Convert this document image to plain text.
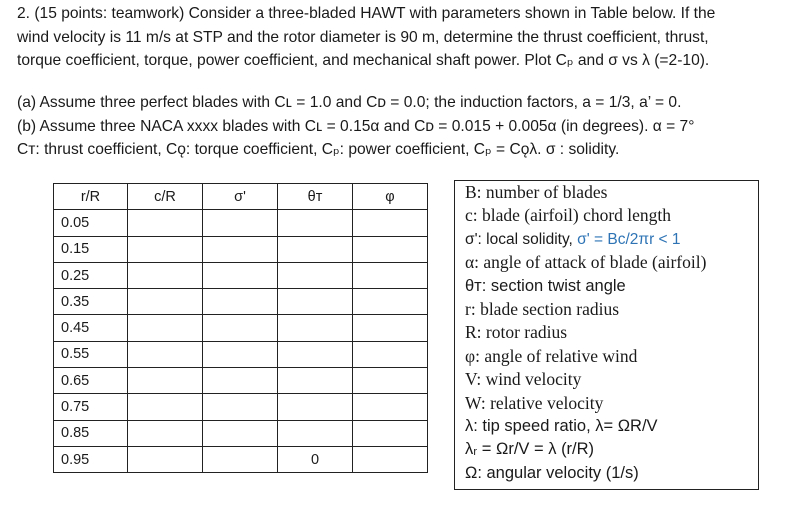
2. (15 points: teamwork) Consider a three-bladed HAWT with parameters shown in Table below. If the
wind velocity is 11 m/s at STP and the rotor diameter is 90 m, determine the thrust coefficient, thrust,
torque coefficient, torque, power coefficient, and mechanical shaft power. Plot Cₚ and σ vs λ (=2-10).
(a) Assume three perfect blades with Cʟ = 1.0 and Cᴅ = 0.0; the induction factors, a = 1/3, a’ = 0.
(b) Assume three NACA xxxx blades with Cʟ = 0.15α and Cᴅ = 0.015 + 0.005α (in degrees). α = 7°
Cᴛ: thrust coefficient, Cǫ: torque coefficient, Cₚ: power coefficient, Cₚ = Cǫλ. σ : solidity.
r/R	c/R	σ'	θᴛ	φ
0.05				
0.15				
0.25				
0.35				
0.45				
0.55				
0.65				
0.75				
0.85				
0.95			0	
B: number of blades
c: blade (airfoil) chord length
σ': local solidity, σ' = Bc/2πr < 1
α: angle of attack of blade (airfoil)
θᴛ: section twist angle
r: blade section radius
R: rotor radius
φ: angle of relative wind
V: wind velocity
W: relative velocity
λ: tip speed ratio, λ= ΩR/V
λᵣ = Ωr/V = λ (r/R)
Ω: angular velocity (1/s)
